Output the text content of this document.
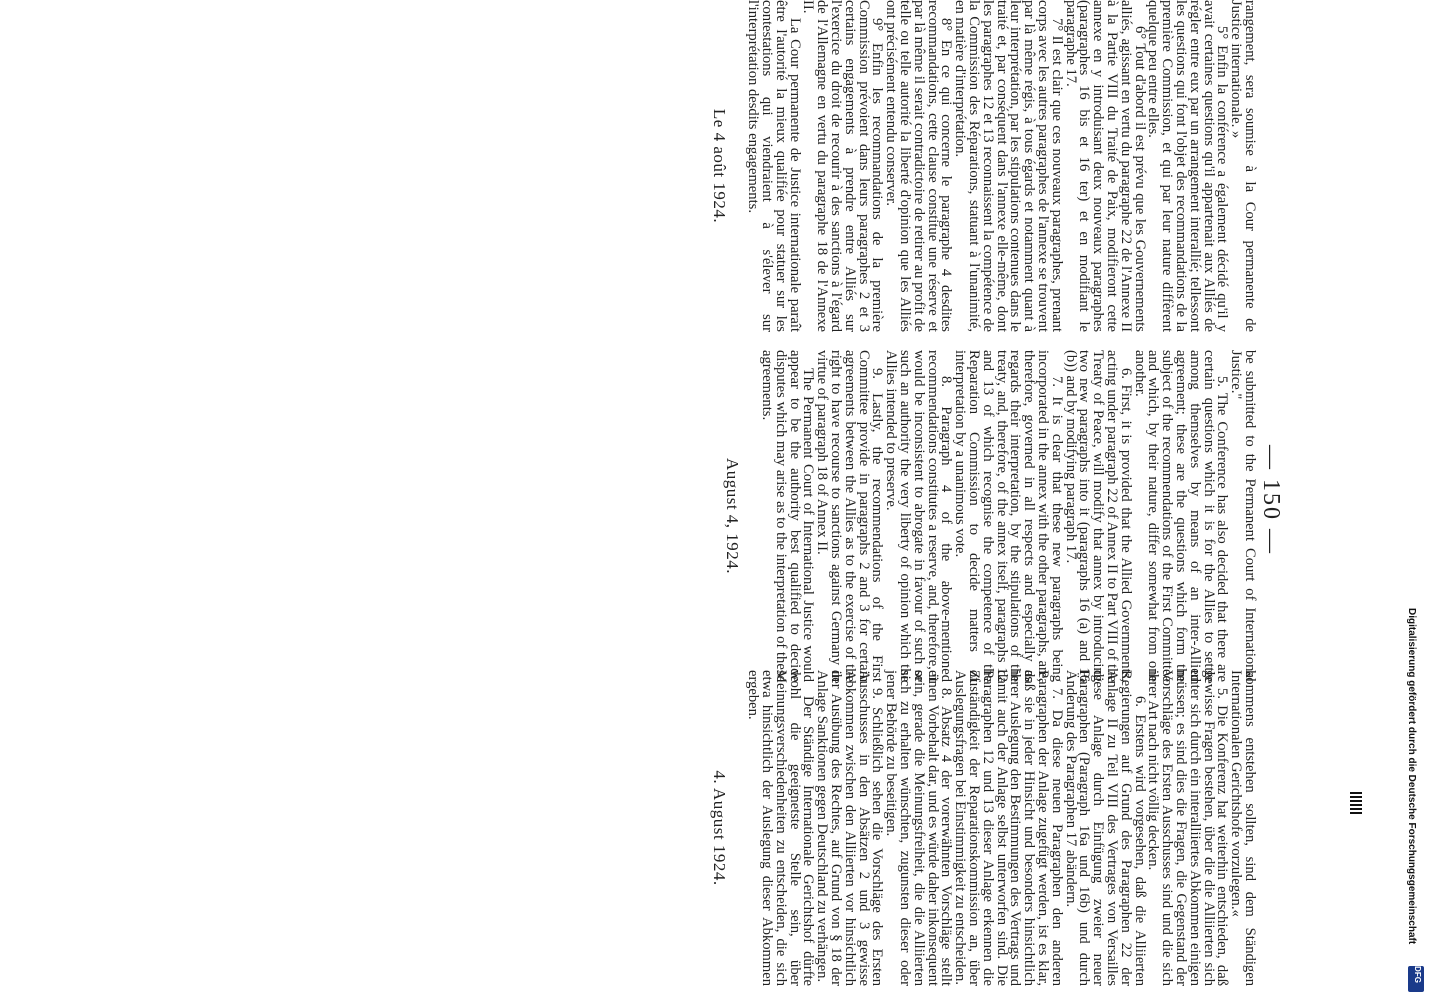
— 150 —

rangement, sera soumise à la Cour permanente de Justice internationale. »

5° Enfin la conférence a également décidé qu'il y avait certaines questions qu'il appartenait aux Alliés de régler entre eux par un arrangement interallié; tellessont les questions qui font l'objet des recommandations de la première Commission, et qui par leur nature diffèrent quelque peu entre elles.

6° Tout d'abord il est prévu que les Gouvernements alliés, agissant en vertu du paragraphe 22 de l'Annexe II à la Partie VIII du Traité de Paix, modifieront cette annexe en y introduisant deux nouveaux paragraphes (paragraphes 16 bis et 16 ter) et en modifiant le paragraphe 17.

7° Il est clair que ces nouveaux paragraphes, prenant corps avec les autres paragraphes de l'annexe se trouvent par là même régis, à tous égards et notamment quant à leur interprétation, par les stipulations contenues dans le traité et, par conséquent dans l'annexe elle-même, dont les paragraphes 12 et 13 reconnaissent la compétence de la Commission des Réparations, statuant à l'unanimité, en matière d'interprétation.

8° En ce qui concerne le paragraphe 4 desdites recommandations, cette clause constitue une réserve et par là même il serait contradictoire de retirer au profit de telle ou telle autorité la liberté d'opinion que les Alliés ont précisément entendu conserver.

9° Enfin les recommandations de la première Commission prévoient dans leurs paragraphes 2 et 3 certains engagements à prendre entre Alliés sur l'exercice du droit de recourir à des sanctions à l'égard de l'Allemagne en vertu du paragraphe 18 de l'Annexe II.

La Cour permanente de Justice internationale paraît être l'autorité la mieux qualifiée pour statuer sur les contestations qui viendraient à s'élever sur l'interprétation desdits engagements.

Le 4 août 1924.

be submitted to the Permanent Court of International Justice."

5. The Conference has also decided that there are certain questions which it is for the Allies to settle among themselves by means of an inter-Allied agreement; these are the questions which form the subject of the recommendations of the First Committee and which, by their nature, differ somewhat from one another.

6. First, it is provided that the Allied Governments, acting under paragraph 22 of Annex II to Part VIII of the Treaty of Peace, will modify that annex by introducing two new paragraphs into it (paragraphs 16 (a) and 16 (b)) and by modifying paragraph 17.

7. It is clear that these new paragraphs being incorporated in the annex with the other paragraphs, are, therefore, governed in all respects and especially as regards their interpretation, by the stipulations of the treaty, and, therefore, of the annex itself, paragraphs 12 and 13 of which recognise the competence of the Reparation Commission to decide matters of interpretation by a unanimous vote.

8. Paragraph 4 of the above-mentioned recommendations constitutes a reserve, and, therefore, it would be inconsistent to abrogate in favour of such or such an authority the very liberty of opinion which the Allies intended to preserve.

9. Lastly, the recommendations of the First Committee provide in paragraphs 2 and 3 for certain agreements between the Allies as to the exercise of the right to have recourse to sanctions against Germany in virtue of paragraph 18 of Annex II.

The Permanent Court of International Justice would appear to be the authority best qualified to decide disputes which may arise as to the interpretation of these agreements.

August 4, 1924.

kommens entstehen sollten, sind dem Ständigen Internationalen Gerichtshofe vorzulegen.«

5. Die Konferenz hat weiterhin entschieden, daß gewisse Fragen bestehen, über die die Alliierten sich unter sich durch ein interalliiertes Abkommen einigen müssen; es sind dies die Fragen, die Gegenstand der Vorschläge des Ersten Ausschusses sind und die sich ihrer Art nach nicht völlig decken.

6. Erstens wird vorgesehen, daß die Alliierten Regierungen auf Grund des Paragraphen 22 der Anlage II zu Teil VIII des Vertrages von Versailles diese Anlage durch Einfügung zweier neuer Paragraphen (Paragraph 16a und 16b) und durch Änderung des Paragraphen 17 abändern.

7. Da diese neuen Paragraphen den anderen Paragraphen der Anlage zugefügt werden, ist es klar, daß sie in jeder Hinsicht und besonders hinsichtlich ihrer Auslegung den Bestimmungen des Vertrags und damit auch der Anlage selbst unterworfen sind. Die Paragraphen 12 und 13 dieser Anlage erkennen die Zuständigkeit der Reparationskommission an, über Auslegungsfragen bei Einstimmigkeit zu entscheiden.

8. Absatz 4 der vorerwähnten Vorschläge stellt einen Vorbehalt dar, und es würde daher inkonsequent sein, gerade die Meinungsfreiheit, die die Alliierten sich zu erhalten wünschten, zugunsten dieser oder jener Behörde zu beseitigen.

9. Schließlich sehen die Vorschläge des Ersten Ausschusses in den Absätzen 2 und 3 gewisse Abkommen zwischen den Alliierten vor hinsichtlich der Ausübung des Rechtes, auf Grund von § 18 der Anlage Sanktionen gegen Deutschland zu verhängen.

Der Ständige Internationale Gerichtshof dürfte wohl die geeignetste Stelle sein, über Meinungsverschiedenheiten zu entscheiden, die sich etwa hinsichtlich der Auslegung dieser Abkommen ergeben.

4. August 1924.	Digitalisierung gefördert durch die Deutsche Forschungsgemeinschaft
DFG
